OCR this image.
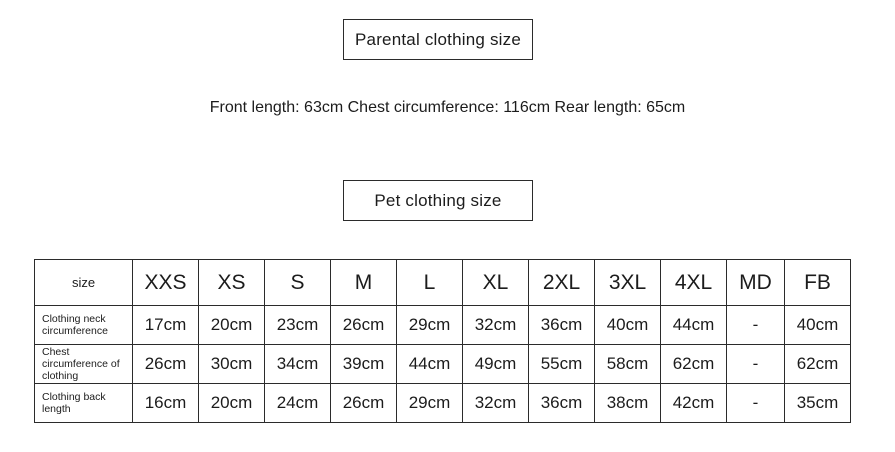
Parental clothing size
Front length: 63cm Chest circumference: 116cm Rear length: 65cm
Pet clothing size
size	XXS	XS	S	M	L	XL	2XL	3XL	4XL	MD	FB
Clothing neck circumference	17cm	20cm	23cm	26cm	29cm	32cm	36cm	40cm	44cm	-	40cm
Chest circumference of clothing	26cm	30cm	34cm	39cm	44cm	49cm	55cm	58cm	62cm	-	62cm
Clothing back length	16cm	20cm	24cm	26cm	29cm	32cm	36cm	38cm	42cm	-	35cm
